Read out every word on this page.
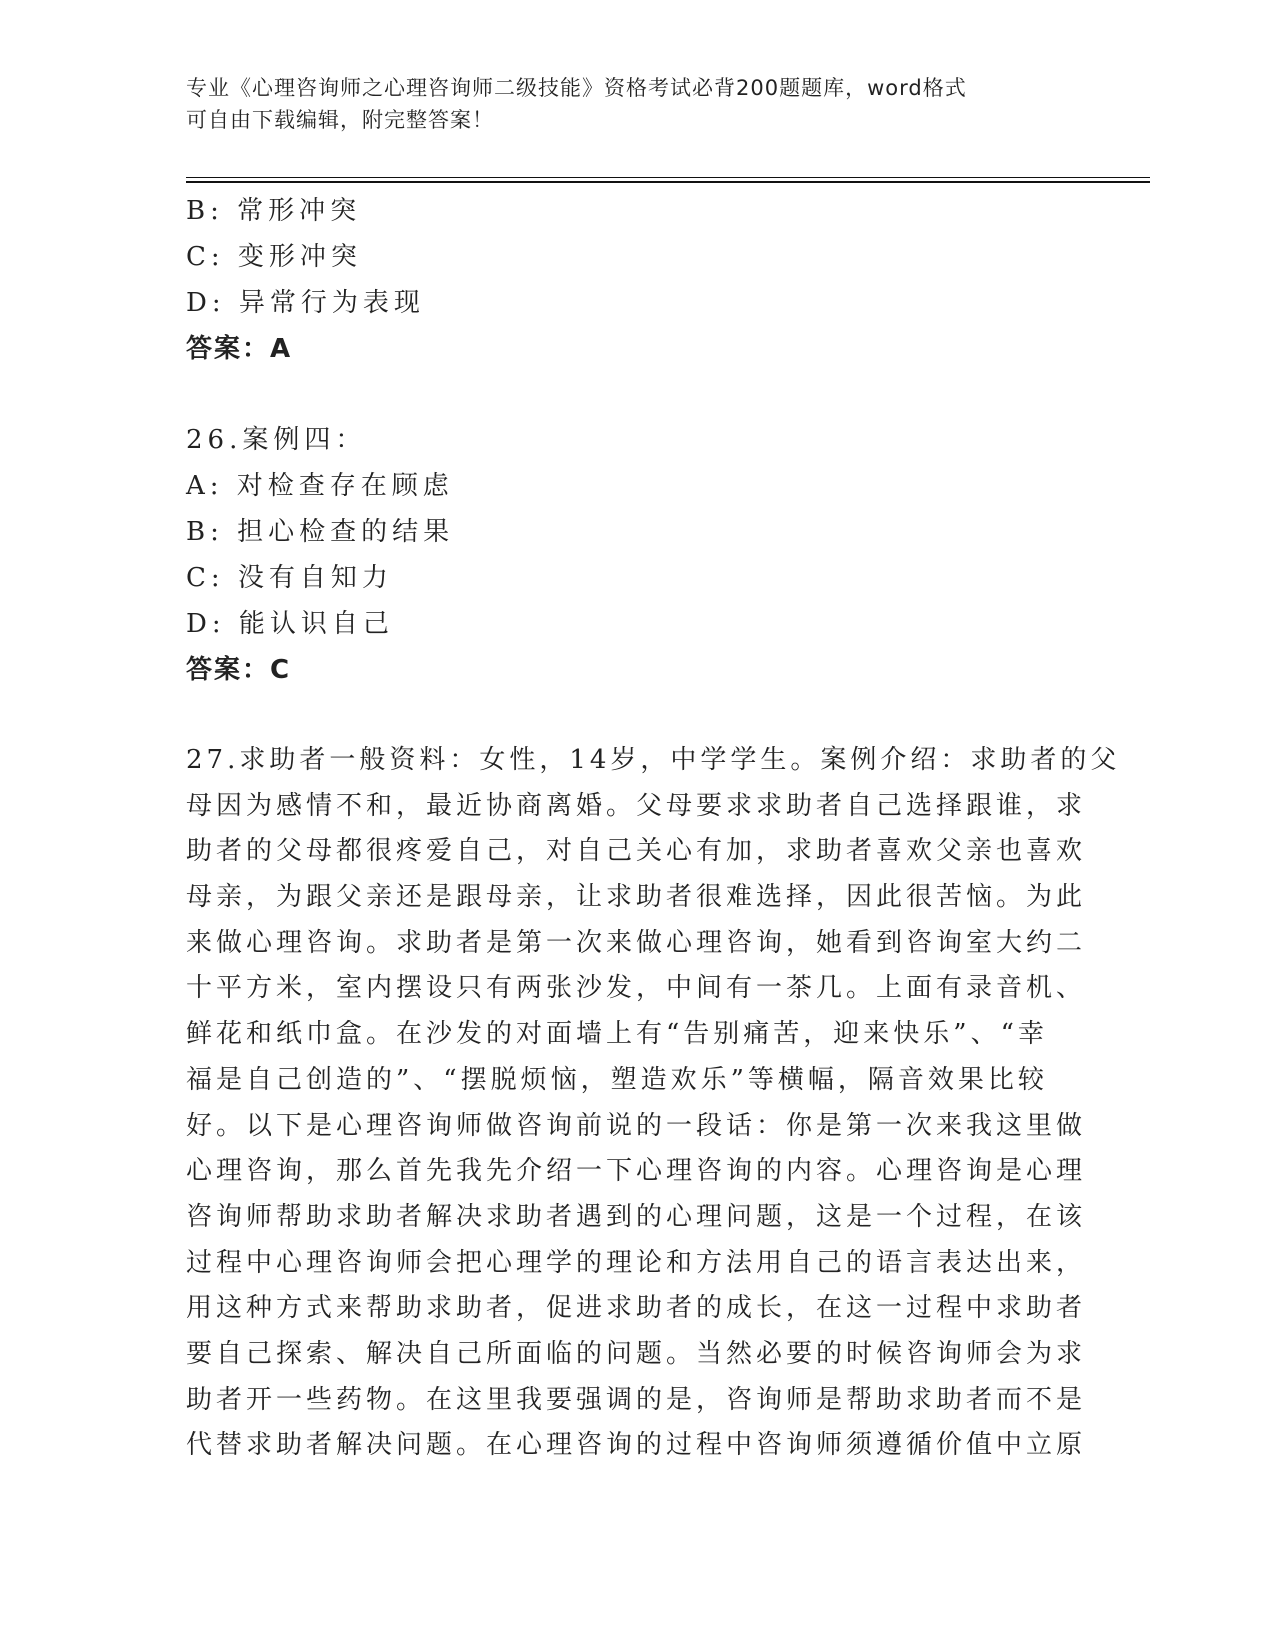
专业《心理咨询师之心理咨询师二级技能》资格考试必背200题题库，word格式
可自由下载编辑，附完整答案！
B: 常形冲突
C: 变形冲突
D: 异常行为表现
答案：A
26.案例四：
A: 对检查存在顾虑
B: 担心检查的结果
C: 没有自知力
D: 能认识自己
答案：C
27.求助者一般资料：女性，14岁，中学学生。案例介绍：求助者的父
母因为感情不和，最近协商离婚。父母要求求助者自己选择跟谁，求
助者的父母都很疼爱自己，对自己关心有加，求助者喜欢父亲也喜欢
母亲，为跟父亲还是跟母亲，让求助者很难选择，因此很苦恼。为此
来做心理咨询。求助者是第一次来做心理咨询，她看到咨询室大约二
十平方米，室内摆设只有两张沙发，中间有一茶几。上面有录音机、
鲜花和纸巾盒。在沙发的对面墙上有“告别痛苦，迎来快乐”、“幸
福是自己创造的”、“摆脱烦恼，塑造欢乐”等横幅，隔音效果比较
好。以下是心理咨询师做咨询前说的一段话：你是第一次来我这里做
心理咨询，那么首先我先介绍一下心理咨询的内容。心理咨询是心理
咨询师帮助求助者解决求助者遇到的心理问题，这是一个过程，在该
过程中心理咨询师会把心理学的理论和方法用自己的语言表达出来，
用这种方式来帮助求助者，促进求助者的成长，在这一过程中求助者
要自己探索、解决自己所面临的问题。当然必要的时候咨询师会为求
助者开一些药物。在这里我要强调的是，咨询师是帮助求助者而不是
代替求助者解决问题。在心理咨询的过程中咨询师须遵循价值中立原
